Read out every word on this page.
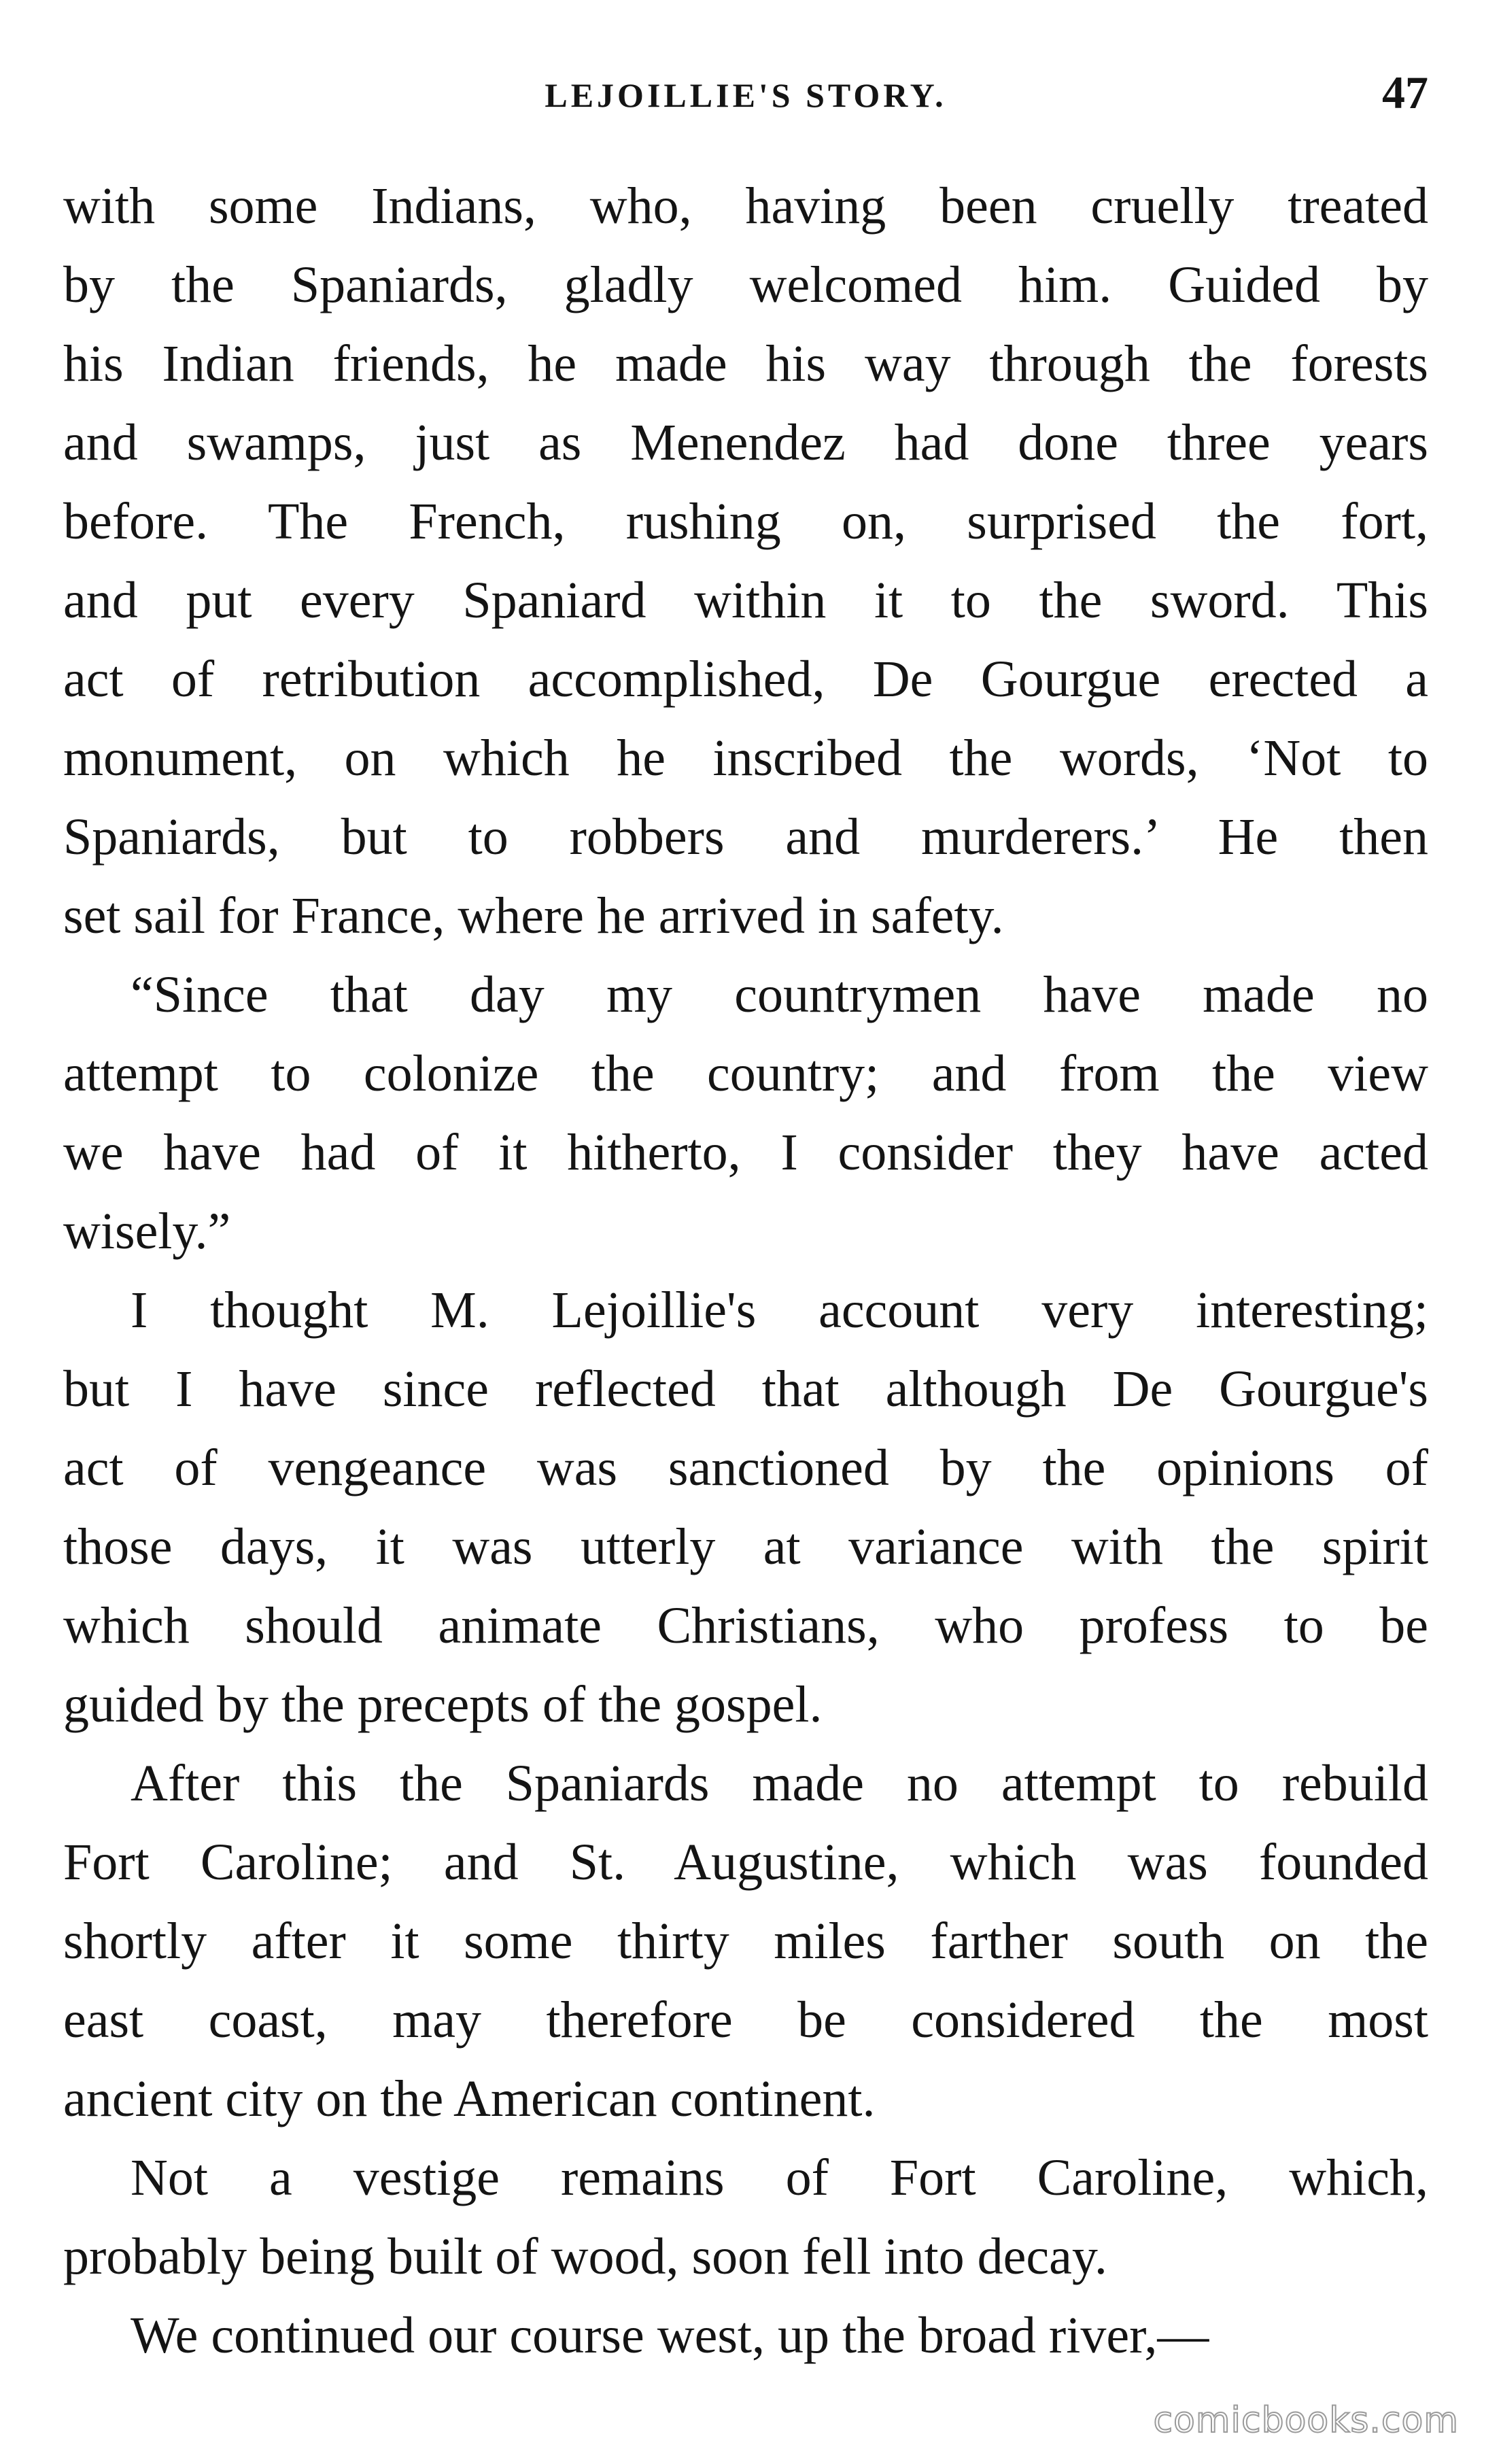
LEJOILLIE'S STORY.	47
with some Indians, who, having been cruelly treated
by the Spaniards, gladly welcomed him. Guided by
his Indian friends, he made his way through the forests
and swamps, just as Menendez had done three years
before. The French, rushing on, surprised the fort,
and put every Spaniard within it to the sword. This
act of retribution accomplished, De Gourgue erected a
monument, on which he inscribed the words, ‘Not to
Spaniards, but to robbers and murderers.’ He then
set sail for France, where he arrived in safety.
“Since that day my countrymen have made no
attempt to colonize the country; and from the view
we have had of it hitherto, I consider they have acted
wisely.”
I thought M. Lejoillie's account very interesting;
but I have since reflected that although De Gourgue's
act of vengeance was sanctioned by the opinions of
those days, it was utterly at variance with the spirit
which should animate Christians, who profess to be
guided by the precepts of the gospel.
After this the Spaniards made no attempt to rebuild
Fort Caroline; and St. Augustine, which was founded
shortly after it some thirty miles farther south on the
east coast, may therefore be considered the most
ancient city on the American continent.
Not a vestige remains of Fort Caroline, which,
probably being built of wood, soon fell into decay.
We continued our course west, up the broad river,—
comicbooks.com
